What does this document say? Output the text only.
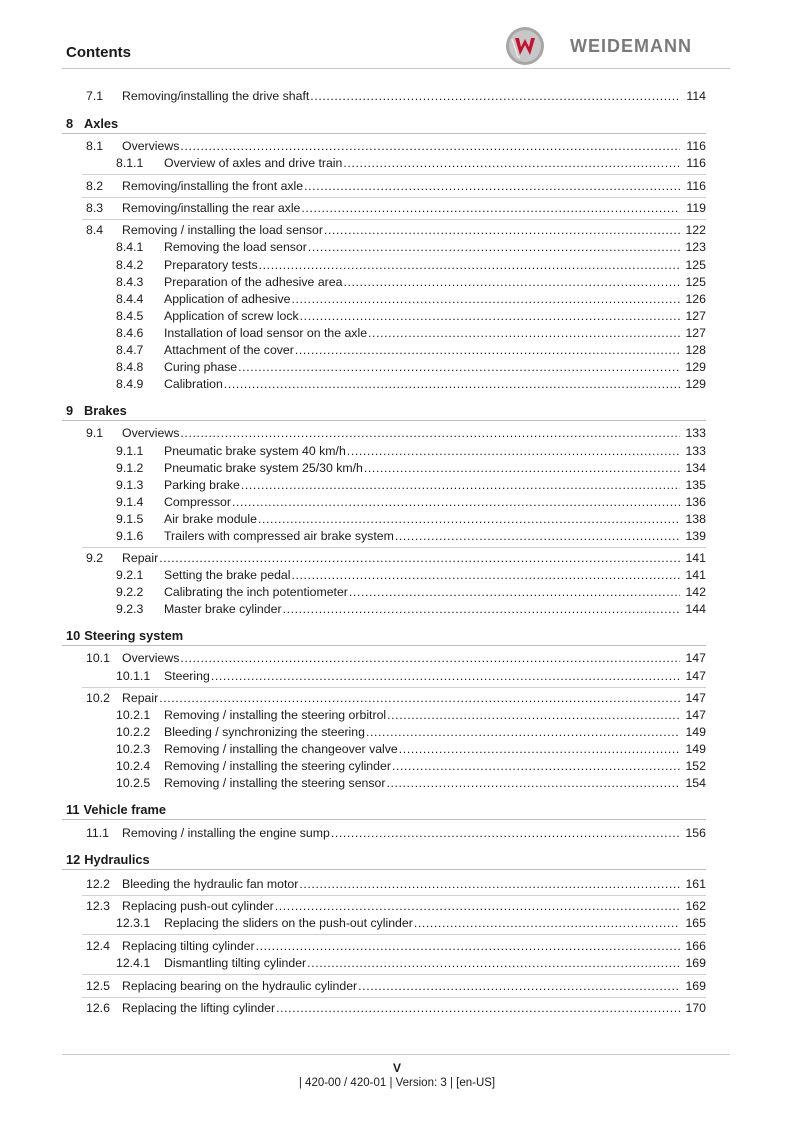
Contents	WEIDEMANN
7.1 Removing/installing the drive shaft .....	114
8 Axles
8.1 Overviews .....	116
8.1.1 Overview of axles and drive train .....	116
8.2 Removing/installing the front axle .....	116
8.3 Removing/installing the rear axle .....	119
8.4 Removing / installing the load sensor .....	122
8.4.1 Removing the load sensor .....	123
8.4.2 Preparatory tests .....	125
8.4.3 Preparation of the adhesive area .....	125
8.4.4 Application of adhesive .....	126
8.4.5 Application of screw lock .....	127
8.4.6 Installation of load sensor on the axle .....	127
8.4.7 Attachment of the cover .....	128
8.4.8 Curing phase .....	129
8.4.9 Calibration .....	129
9 Brakes
9.1 Overviews .....	133
9.1.1 Pneumatic brake system 40 km/h .....	133
9.1.2 Pneumatic brake system 25/30 km/h .....	134
9.1.3 Parking brake .....	135
9.1.4 Compressor .....	136
9.1.5 Air brake module .....	138
9.1.6 Trailers with compressed air brake system .....	139
9.2 Repair .....	141
9.2.1 Setting the brake pedal .....	141
9.2.2 Calibrating the inch potentiometer .....	142
9.2.3 Master brake cylinder .....	144
10 Steering system
10.1 Overviews .....	147
10.1.1 Steering .....	147
10.2 Repair .....	147
10.2.1 Removing / installing the steering orbitrol .....	147
10.2.2 Bleeding / synchronizing the steering .....	149
10.2.3 Removing / installing the changeover valve .....	149
10.2.4 Removing / installing the steering cylinder .....	152
10.2.5 Removing / installing the steering sensor .....	154
11 Vehicle frame
11.1 Removing / installing the engine sump .....	156
12 Hydraulics
12.2 Bleeding the hydraulic fan motor .....	161
12.3 Replacing push-out cylinder .....	162
12.3.1 Replacing the sliders on the push-out cylinder .....	165
12.4 Replacing tilting cylinder .....	166
12.4.1 Dismantling tilting cylinder .....	169
12.5 Replacing bearing on the hydraulic cylinder .....	169
12.6 Replacing the lifting cylinder .....	170
V
| 420-00 / 420-01 | Version: 3 | [en-US]
